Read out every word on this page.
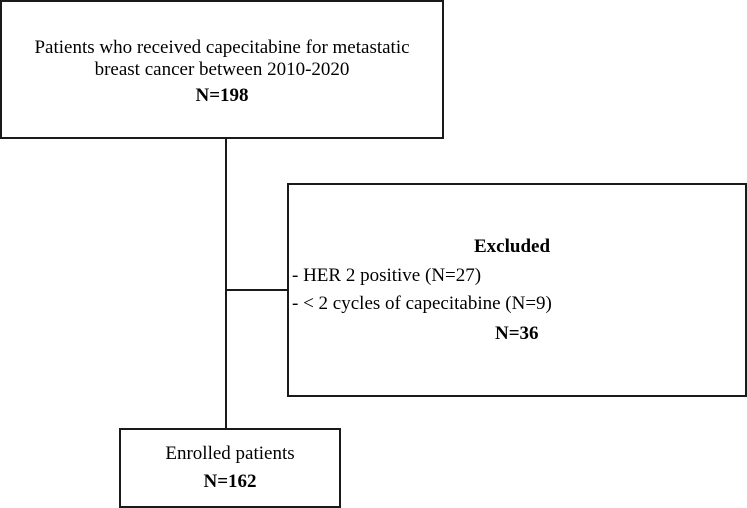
Patients who received capecitabine for metastatic
breast cancer between 2010-2020
N=198
Excluded
- HER 2 positive (N=27)
- < 2 cycles of capecitabine (N=9)
N=36
Enrolled patients
N=162
